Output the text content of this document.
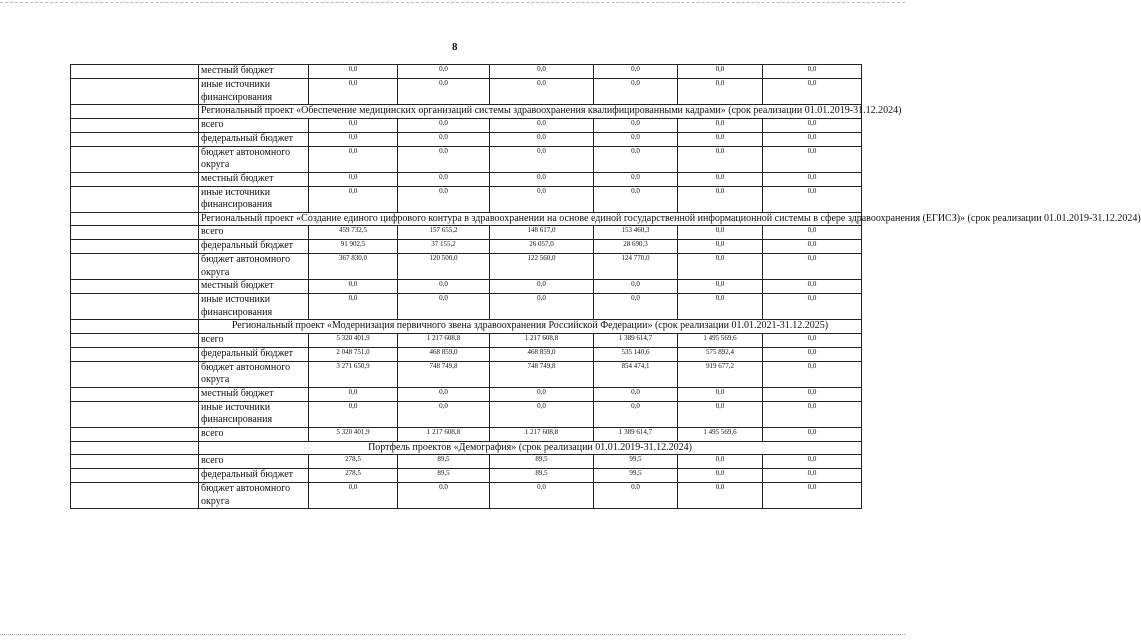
8
	местный бюджет	0,0	0,0	0,0	0,0	0,0	0,0
	иные источники финансирования	0,0	0,0	0,0	0,0	0,0	0,0
	Региональный проект «Обеспечение медицинских организаций системы здравоохранения квалифицированными кадрами» (срок реализации 01.01.2019-31.12.2024)						
	всего	0,0	0,0	0,0	0,0	0,0	0,0
	федеральный бюджет	0,0	0,0	0,0	0,0	0,0	0,0
	бюджет автономного округа	0,0	0,0	0,0	0,0	0,0	0,0
	местный бюджет	0,0	0,0	0,0	0,0	0,0	0,0
	иные источники финансирования	0,0	0,0	0,0	0,0	0,0	0,0
	Региональный проект «Создание единого цифрового контура в здравоохранении на основе единой государственной информационной системы в сфере здравоохранения (ЕГИСЗ)» (срок реализации 01.01.2019-31.12.2024)						
	всего	459 732,5	157 655,2	148 617,0	153 460,3	0,0	0,0
	федеральный бюджет	91 902,5	37 155,2	26 057,0	28 690,3	0,0	0,0
	бюджет автономного округа	367 830,0	120 500,0	122 560,0	124 770,0	0,0	0,0
	местный бюджет	0,0	0,0	0,0	0,0	0,0	0,0
	иные источники финансирования	0,0	0,0	0,0	0,0	0,0	0,0
	Региональный проект «Модернизация первичного звена здравоохранения Российской Федерации» (срок реализации 01.01.2021-31.12.2025)						
	всего	5 320 401,9	1 217 608,8	1 217 608,8	1 389 614,7	1 495 569,6	0,0
	федеральный бюджет	2 048 751,0	468 859,0	468 859,0	535 140,6	575 892,4	0,0
	бюджет автономного округа	3 271 650,9	748 749,8	748 749,8	854 474,1	919 677,2	0,0
	местный бюджет	0,0	0,0	0,0	0,0	0,0	0,0
	иные источники финансирования	0,0	0,0	0,0	0,0	0,0	0,0
	всего	5 320 401,9	1 217 608,8	1 217 608,8	1 389 614,7	1 495 569,6	0,0
	Портфель проектов «Демография» (срок реализации 01.01.2019-31.12.2024)						
	всего	278,5	89,5	89,5	99,5	0,0	0,0
	федеральный бюджет	278,5	89,5	89,5	99,5	0,0	0,0
	бюджет автономного округа	0,0	0,0	0,0	0,0	0,0	0,0
